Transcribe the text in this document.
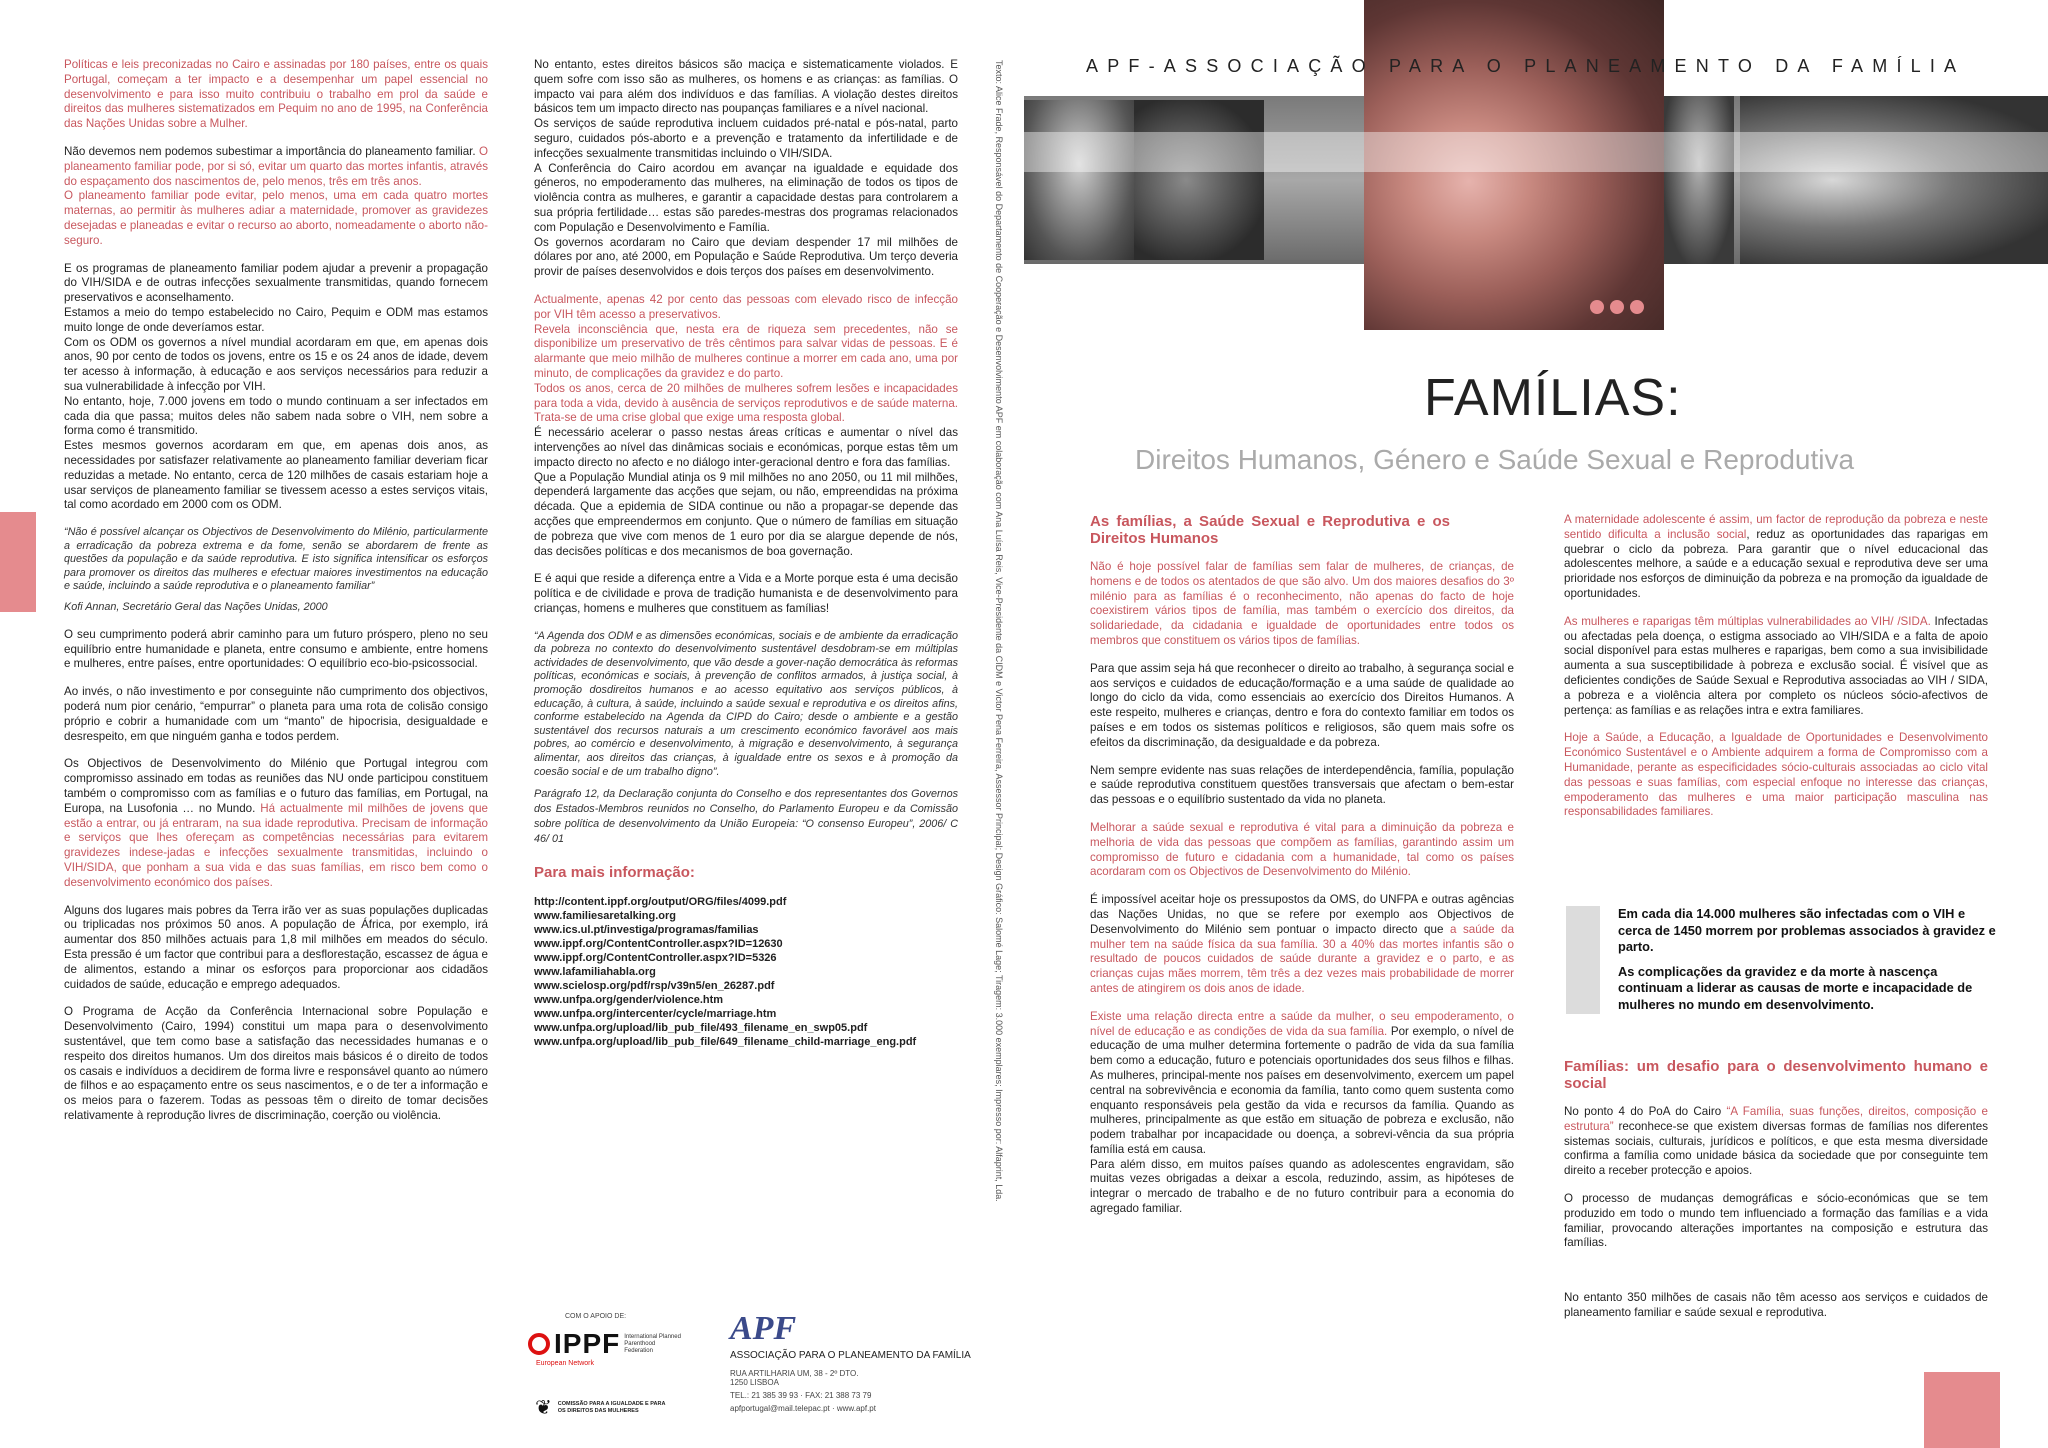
Políticas e leis preconizadas no Cairo e assinadas por 180 países, entre os quais Portugal, começam a ter impacto e a desempenhar um papel essencial no desenvolvimento e para isso muito contribuiu o trabalho em prol da saúde e direitos das mulheres sistematizados em Pequim no ano de 1995, na Conferência das Nações Unidas sobre a Mulher.

Não devemos nem podemos subestimar a importância do planeamento familiar. O planeamento familiar pode, por si só, evitar um quarto das mortes infantis, através do espaçamento dos nascimentos de, pelo menos, três em três anos.
O planeamento familiar pode evitar, pelo menos, uma em cada quatro mortes maternas, ao permitir às mulheres adiar a maternidade, promover as gravidezes desejadas e planeadas e evitar o recurso ao aborto, nomeadamente o aborto não-seguro.

E os programas de planeamento familiar podem ajudar a prevenir a propagação do VIH/SIDA e de outras infecções sexualmente transmitidas, quando fornecem preservativos e aconselhamento.

Estamos a meio do tempo estabelecido no Cairo, Pequim e ODM mas estamos muito longe de onde deveríamos estar.

Com os ODM os governos a nível mundial acordaram em que, em apenas dois anos, 90 por cento de todos os jovens, entre os 15 e os 24 anos de idade, devem ter acesso à informação, à educação e aos serviços necessários para reduzir a sua vulnerabilidade à infecção por VIH.

No entanto, hoje, 7.000 jovens em todo o mundo continuam a ser infectados em cada dia que passa; muitos deles não sabem nada sobre o VIH, nem sobre a forma como é transmitido.

Estes mesmos governos acordaram em que, em apenas dois anos, as necessidades por satisfazer relativamente ao planeamento familiar deveriam ficar reduzidas a metade. No entanto, cerca de 120 milhões de casais estariam hoje a usar serviços de planeamento familiar se tivessem acesso a estes serviços vitais, tal como acordado em 2000 com os ODM.

“Não é possível alcançar os Objectivos de Desenvolvimento do Milénio, particularmente a erradicação da pobreza extrema e da fome, senão se abordarem de frente as questões da população e da saúde reprodutiva. E isto significa intensificar os esforços para promover os direitos das mulheres e efectuar maiores investimentos na educação e saúde, incluindo a saúde reprodutiva e o planeamento familiar”

Kofi Annan, Secretário Geral das Nações Unidas, 2000

O seu cumprimento poderá abrir caminho para um futuro próspero, pleno no seu equilíbrio entre humanidade e planeta, entre consumo e ambiente, entre homens e mulheres, entre países, entre oportunidades: O equilíbrio eco-bio-psicossocial.

Ao invés, o não investimento e por conseguinte não cumprimento dos objectivos, poderá num pior cenário, “empurrar” o planeta para uma rota de colisão consigo próprio e cobrir a humanidade com um “manto” de hipocrisia, desigualdade e desrespeito, em que ninguém ganha e todos perdem.

Os Objectivos de Desenvolvimento do Milénio que Portugal integrou com compromisso assinado em todas as reuniões das NU onde participou constituem também o compromisso com as famílias e o futuro das famílias, em Portugal, na Europa, na Lusofonia … no Mundo. Há actualmente mil milhões de jovens que estão a entrar, ou já entraram, na sua idade reprodutiva. Precisam de informação e serviços que lhes ofereçam as competências necessárias para evitarem gravidezes indese-jadas e infecções sexualmente transmitidas, incluindo o VIH/SIDA, que ponham a sua vida e das suas famílias, em risco bem como o desenvolvimento económico dos países.

Alguns dos lugares mais pobres da Terra irão ver as suas populações duplicadas ou triplicadas nos próximos 50 anos. A população de África, por exemplo, irá aumentar dos 850 milhões actuais para 1,8 mil milhões em meados do século. Esta pressão é um factor que contribui para a desflorestação, escassez de água e de alimentos, estando a minar os esforços para proporcionar aos cidadãos cuidados de saúde, educação e emprego adequados.

O Programa de Acção da Conferência Internacional sobre População e Desenvolvimento (Cairo, 1994) constitui um mapa para o desenvolvimento sustentável, que tem como base a satisfação das necessidades humanas e o respeito dos direitos humanos. Um dos direitos mais básicos é o direito de todos os casais e indivíduos a decidirem de forma livre e responsável quanto ao número de filhos e ao espaçamento entre os seus nascimentos, e o de ter a informação e os meios para o fazerem. Todas as pessoas têm o direito de tomar decisões relativamente à reprodução livres de discriminação, coerção ou violência.

No entanto, estes direitos básicos são maciça e sistematicamente violados. E quem sofre com isso são as mulheres, os homens e as crianças: as famílias. O impacto vai para além dos indivíduos e das famílias. A violação destes direitos básicos tem um impacto directo nas poupanças familiares e a nível nacional.

Os serviços de saúde reprodutiva incluem cuidados pré-natal e pós-natal, parto seguro, cuidados pós-aborto e a prevenção e tratamento da infertilidade e de infecções sexualmente transmitidas incluindo o VIH/SIDA.

A Conferência do Cairo acordou em avançar na igualdade e equidade dos géneros, no empoderamento das mulheres, na eliminação de todos os tipos de violência contra as mulheres, e garantir a capacidade destas para controlarem a sua própria fertilidade… estas são paredes-mestras dos programas relacionados com População e Desenvolvimento e Família.

Os governos acordaram no Cairo que deviam despender 17 mil milhões de dólares por ano, até 2000, em População e Saúde Reprodutiva. Um terço deveria provir de países desenvolvidos e dois terços dos países em desenvolvimento.

Actualmente, apenas 42 por cento das pessoas com elevado risco de infecção por VIH têm acesso a preservativos.

Revela inconsciência que, nesta era de riqueza sem precedentes, não se disponibilize um preservativo de três cêntimos para salvar vidas de pessoas. E é alarmante que meio milhão de mulheres continue a morrer em cada ano, uma por minuto, de complicações da gravidez e do parto.

Todos os anos, cerca de 20 milhões de mulheres sofrem lesões e incapacidades para toda a vida, devido à ausência de serviços reprodutivos e de saúde materna. Trata-se de uma crise global que exige uma resposta global.

É necessário acelerar o passo nestas áreas críticas e aumentar o nível das intervenções ao nível das dinâmicas sociais e económicas, porque estas têm um impacto directo no afecto e no diálogo inter-geracional dentro e fora das famílias.

Que a População Mundial atinja os 9 mil milhões no ano 2050, ou 11 mil milhões, dependerá largamente das acções que sejam, ou não, empreendidas na próxima década. Que a epidemia de SIDA continue ou não a propagar-se depende das acções que empreendermos em conjunto. Que o número de famílias em situação de pobreza que vive com menos de 1 euro por dia se alargue depende de nós, das decisões políticas e dos mecanismos de boa governação.

E é aqui que reside a diferença entre a Vida e a Morte porque esta é uma decisão política e de civilidade e prova de tradição humanista e de desenvolvimento para crianças, homens e mulheres que constituem as famílias!

“A Agenda dos ODM e as dimensões económicas, sociais e de ambiente da erradicação da pobreza no contexto do desenvolvimento sustentável desdobram-se em múltiplas actividades de desenvolvimento, que vão desde a gover-nação democrática às reformas políticas, económicas e sociais, à prevenção de conflitos armados, à justiça social, à promoção dosdireitos humanos e ao acesso equitativo aos serviços públicos, à educação, à cultura, à saúde, incluindo a saúde sexual e reprodutiva e os direitos afins, conforme estabelecido na Agenda da CIPD do Cairo; desde o ambiente e a gestão sustentável dos recursos naturais a um crescimento económico favorável aos mais pobres, ao comércio e desenvolvimento, à migração e desenvolvimento, à segurança alimentar, aos direitos das crianças, à igualdade entre os sexos e à promoção da coesão social e de um trabalho digno”.

Parágrafo 12, da Declaração conjunta do Conselho e dos representantes dos Governos dos Estados-Membros reunidos no Conselho, do Parlamento Europeu e da Comissão sobre política de desenvolvimento da União Europeia: “O consenso Europeu”, 2006/ C 46/ 01

Para mais informação:

http://content.ippf.org/output/ORG/files/4099.pdf
www.familiesaretalking.org
www.ics.ul.pt/investiga/programas/familias
www.ippf.org/ContentController.aspx?ID=12630
www.ippf.org/ContentController.aspx?ID=5326
www.lafamiliahabla.org
www.scielosp.org/pdf/rsp/v39n5/en_26287.pdf
www.unfpa.org/gender/violence.htm
www.unfpa.org/intercenter/cycle/marriage.htm
www.unfpa.org/upload/lib_pub_file/493_filename_en_swp05.pdf
www.unfpa.org/upload/lib_pub_file/649_filename_child-marriage_eng.pdf
COM O APOIO DE:
IPPF International Planned Parenthood Federation
European Network
❦ COMISSÃO PARA A IGUALDADE E PARA OS DIREITOS DAS MULHERES
APF
ASSOCIAÇÃO PARA O PLANEAMENTO DA FAMÍLIA
RUA ARTILHARIA UM, 38 - 2º DTO.
1250 LISBOA
TEL.: 21 385 39 93 · FAX: 21 388 73 79
apfportugal@mail.telepac.pt · www.apf.pt
Texto: Alice Frade, Responsável do Departamento de Cooperação e Desenvolvimento APF em colaboração com Ana Luísa Reis, Vice-Presidente da CIDM e Victor Pena Ferreira, Assessor Principal; Design Gráfico: Salomé Lage; Tiragem: 3.000 exemplares; Impresso por: Alfaprint, Lda.	APF-ASSOCIAÇÃO PARA O PLANEAMENTO DA FAMÍLIA
FAMÍLIAS:
Direitos Humanos, Género e Saúde Sexual e Reprodutiva

As famílias, a Saúde Sexual e Reprodutiva e os Direitos Humanos

Não é hoje possível falar de famílias sem falar de mulheres, de crianças, de homens e de todos os atentados de que são alvo. Um dos maiores desafios do 3º milénio para as famílias é o reconhecimento, não apenas do facto de hoje coexistirem vários tipos de família, mas também o exercício dos direitos, da solidariedade, da cidadania e igualdade de oportunidades entre todos os membros que constituem os vários tipos de famílias.

Para que assim seja há que reconhecer o direito ao trabalho, à segurança social e aos serviços e cuidados de educação/formação e a uma saúde de qualidade ao longo do ciclo da vida, como essenciais ao exercício dos Direitos Humanos. A este respeito, mulheres e crianças, dentro e fora do contexto familiar em todos os países e em todos os sistemas políticos e religiosos, são quem mais sofre os efeitos da discriminação, da desigualdade e da pobreza.

Nem sempre evidente nas suas relações de interdependência, família, população e saúde reprodutiva constituem questões transversais que afectam o bem-estar das pessoas e o equilíbrio sustentado da vida no planeta.

Melhorar a saúde sexual e reprodutiva é vital para a diminuição da pobreza e melhoria de vida das pessoas que compõem as famílias, garantindo assim um compromisso de futuro e cidadania com a humanidade, tal como os países acordaram com os Objectivos de Desenvolvimento do Milénio.

É impossível aceitar hoje os pressupostos da OMS, do UNFPA e outras agências das Nações Unidas, no que se refere por exemplo aos Objectivos de Desenvolvimento do Milénio sem pontuar o impacto directo que a saúde da mulher tem na saúde física da sua família. 30 a 40% das mortes infantis são o resultado de poucos cuidados de saúde durante a gravidez e o parto, e as crianças cujas mães morrem, têm três a dez vezes mais probabilidade de morrer antes de atingirem os dois anos de idade.

Existe uma relação directa entre a saúde da mulher, o seu empoderamento, o nível de educação e as condições de vida da sua família. Por exemplo, o nível de educação de uma mulher determina fortemente o padrão de vida da sua família bem como a educação, futuro e potenciais oportunidades dos seus filhos e filhas. As mulheres, principal-mente nos países em desenvolvimento, exercem um papel central na sobrevivência e economia da família, tanto como quem sustenta como enquanto responsáveis pela gestão da vida e recursos da família. Quando as mulheres, principalmente as que estão em situação de pobreza e exclusão, não podem trabalhar por incapacidade ou doença, a sobrevi-vência da sua própria família está em causa.

Para além disso, em muitos países quando as adolescentes engravidam, são muitas vezes obrigadas a deixar a escola, reduzindo, assim, as hipóteses de integrar o mercado de trabalho e de no futuro contribuir para a economia do agregado familiar.

A maternidade adolescente é assim, um factor de reprodução da pobreza e neste sentido dificulta a inclusão social, reduz as oportunidades das raparigas em quebrar o ciclo da pobreza. Para garantir que o nível educacional das adolescentes melhore, a saúde e a educação sexual e reprodutiva deve ser uma prioridade nos esforços de diminuição da pobreza e na promoção da igualdade de oportunidades.

As mulheres e raparigas têm múltiplas vulnerabilidades ao VIH/ /SIDA. Infectadas ou afectadas pela doença, o estigma associado ao VIH/SIDA e a falta de apoio social disponível para estas mulheres e raparigas, bem como a sua invisibilidade aumenta a sua susceptibilidade à pobreza e exclusão social. É visível que as deficientes condições de Saúde Sexual e Reprodutiva associadas ao VIH / SIDA, a pobreza e a violência altera por completo os núcleos sócio-afectivos de pertença: as famílias e as relações intra e extra familiares.

Hoje a Saúde, a Educação, a Igualdade de Oportunidades e Desenvolvimento Económico Sustentável e o Ambiente adquirem a forma de Compromisso com a Humanidade, perante as especificidades sócio-culturais associadas ao ciclo vital das pessoas e suas famílias, com especial enfoque no interesse das crianças, empoderamento das mulheres e uma maior participação masculina nas responsabilidades familiares.

Em cada dia 14.000 mulheres são infectadas com o VIH e cerca de 1450 morrem por problemas associados à gravidez e parto.

As complicações da gravidez e da morte à nascença continuam a liderar as causas de morte e incapacidade de mulheres no mundo em desenvolvimento.

Famílias: um desafio para o desenvolvimento humano e social

No ponto 4 do PoA do Cairo “A Família, suas funções, direitos, composição e estrutura” reconhece-se que existem diversas formas de famílias nos diferentes sistemas sociais, culturais, jurídicos e políticos, e que esta mesma diversidade confirma a família como unidade básica da sociedade que por conseguinte tem direito a receber protecção e apoios.

O processo de mudanças demográficas e sócio-económicas que se tem produzido em todo o mundo tem influenciado a formação das famílias e a vida familiar, provocando alterações importantes na composição e estrutura das famílias.

No entanto 350 milhões de casais não têm acesso aos serviços e cuidados de planeamento familiar e saúde sexual e reprodutiva.
